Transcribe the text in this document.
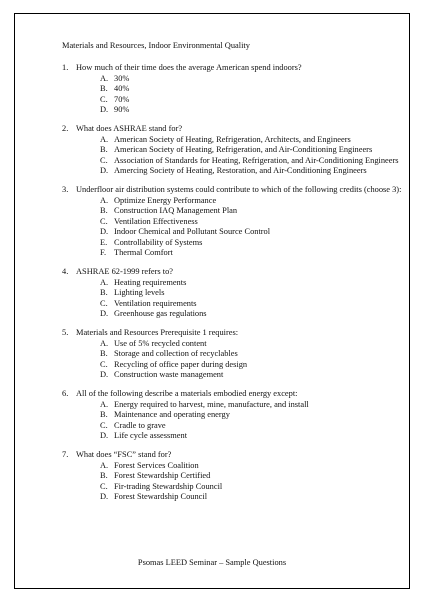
Materials and Resources, Indoor Environmental Quality
1. How much of their time does the average American spend indoors?
A. 30%
B. 40%
C. 70%
D. 90%
2. What does ASHRAE stand for?
A. American Society of Heating, Refrigeration, Architects, and Engineers
B. American Society of Heating, Refrigeration, and Air-Conditioning Engineers
C. Association of Standards for Heating, Refrigeration, and Air-Conditioning Engineers
D. Amercing Society of Heating, Restoration, and Air-Conditioning Engineers
3. Underfloor air distribution systems could contribute to which of the following credits (choose 3):
A. Optimize Energy Performance
B. Construction IAQ Management Plan
C. Ventilation Effectiveness
D. Indoor Chemical and Pollutant Source Control
E. Controllability of Systems
F. Thermal Comfort
4. ASHRAE 62-1999 refers to?
A. Heating requirements
B. Lighting levels
C. Ventilation requirements
D. Greenhouse gas regulations
5. Materials and Resources Prerequisite 1 requires:
A. Use of 5% recycled content
B. Storage and collection of recyclables
C. Recycling of office paper during design
D. Construction waste management
6. All of the following describe a materials embodied energy except:
A. Energy required to harvest, mine, manufacture, and install
B. Maintenance and operating energy
C. Cradle to grave
D. Life cycle assessment
7. What does “FSC” stand for?
A. Forest Services Coalition
B. Forest Stewardship Certified
C. Fir-trading Stewardship Council
D. Forest Stewardship Council
Psomas LEED Seminar – Sample Questions
